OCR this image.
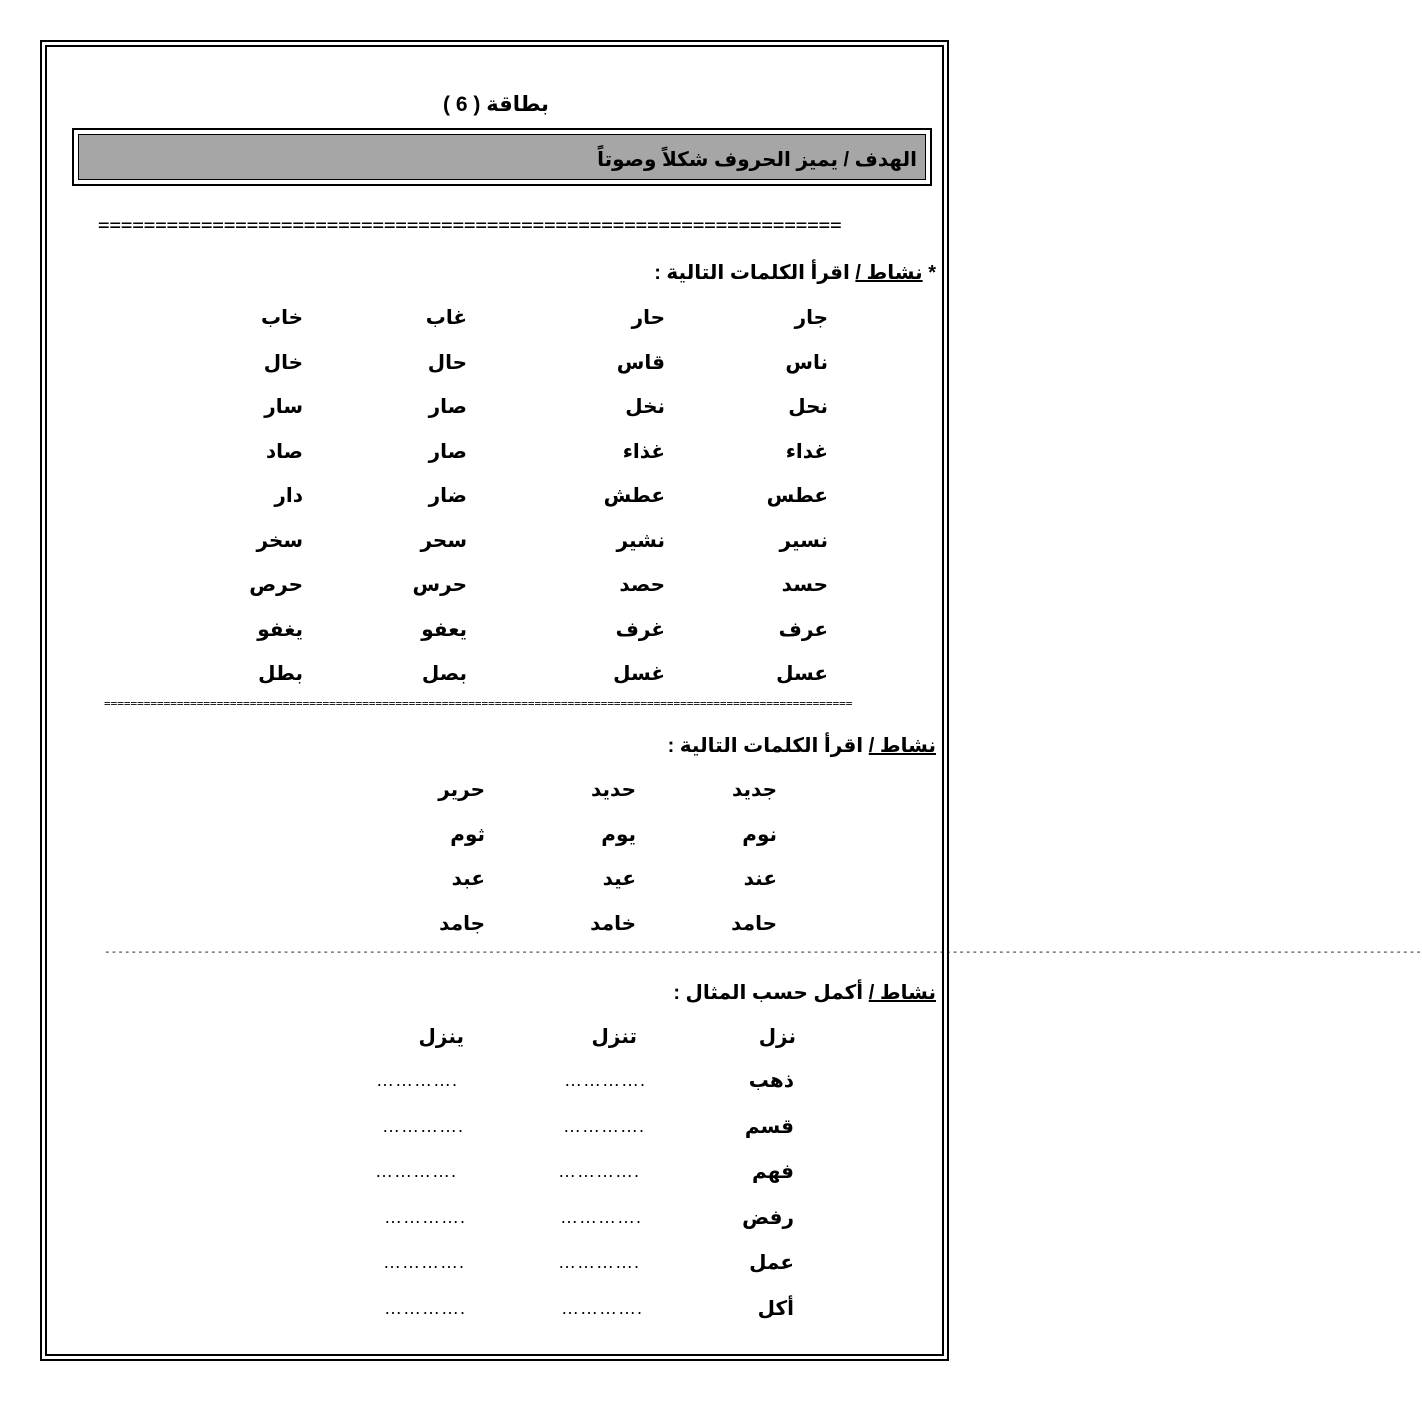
بطاقة ( 6 )
الهدف / يميز الحروف شكلاً وصوتاً
=================================================================
* نشاط / اقرأ الكلمات التالية :
جار
حار
غاب
خاب
ناس
قاس
حال
خال
نحل
نخل
صار
سار
غداء
غذاء
صار
صاد
عطس
عطش
ضار
دار
نسير
نشير
سحر
سخر
حسد
حصد
حرس
حرص
عرف
غرف
يعفو
يغفو
عسل
غسل
بصل
بطل
=================================================================================================================
نشاط / اقرأ الكلمات التالية :
جديد
حديد
حرير
نوم
يوم
ثوم
عند
عيد
عبد
حامد
خامد
جامد
-------------------------------------------------------------------------------------------------------------------------------------------------------------------------------------------------------
نشاط / أكمل حسب المثال :
نزل
تنزل
ينزل
ذهب
………….
………….
قسم
………….
………….
فهم
………….
………….
رفض
………….
………….
عمل
………….
………….
أكل
………….
………….
